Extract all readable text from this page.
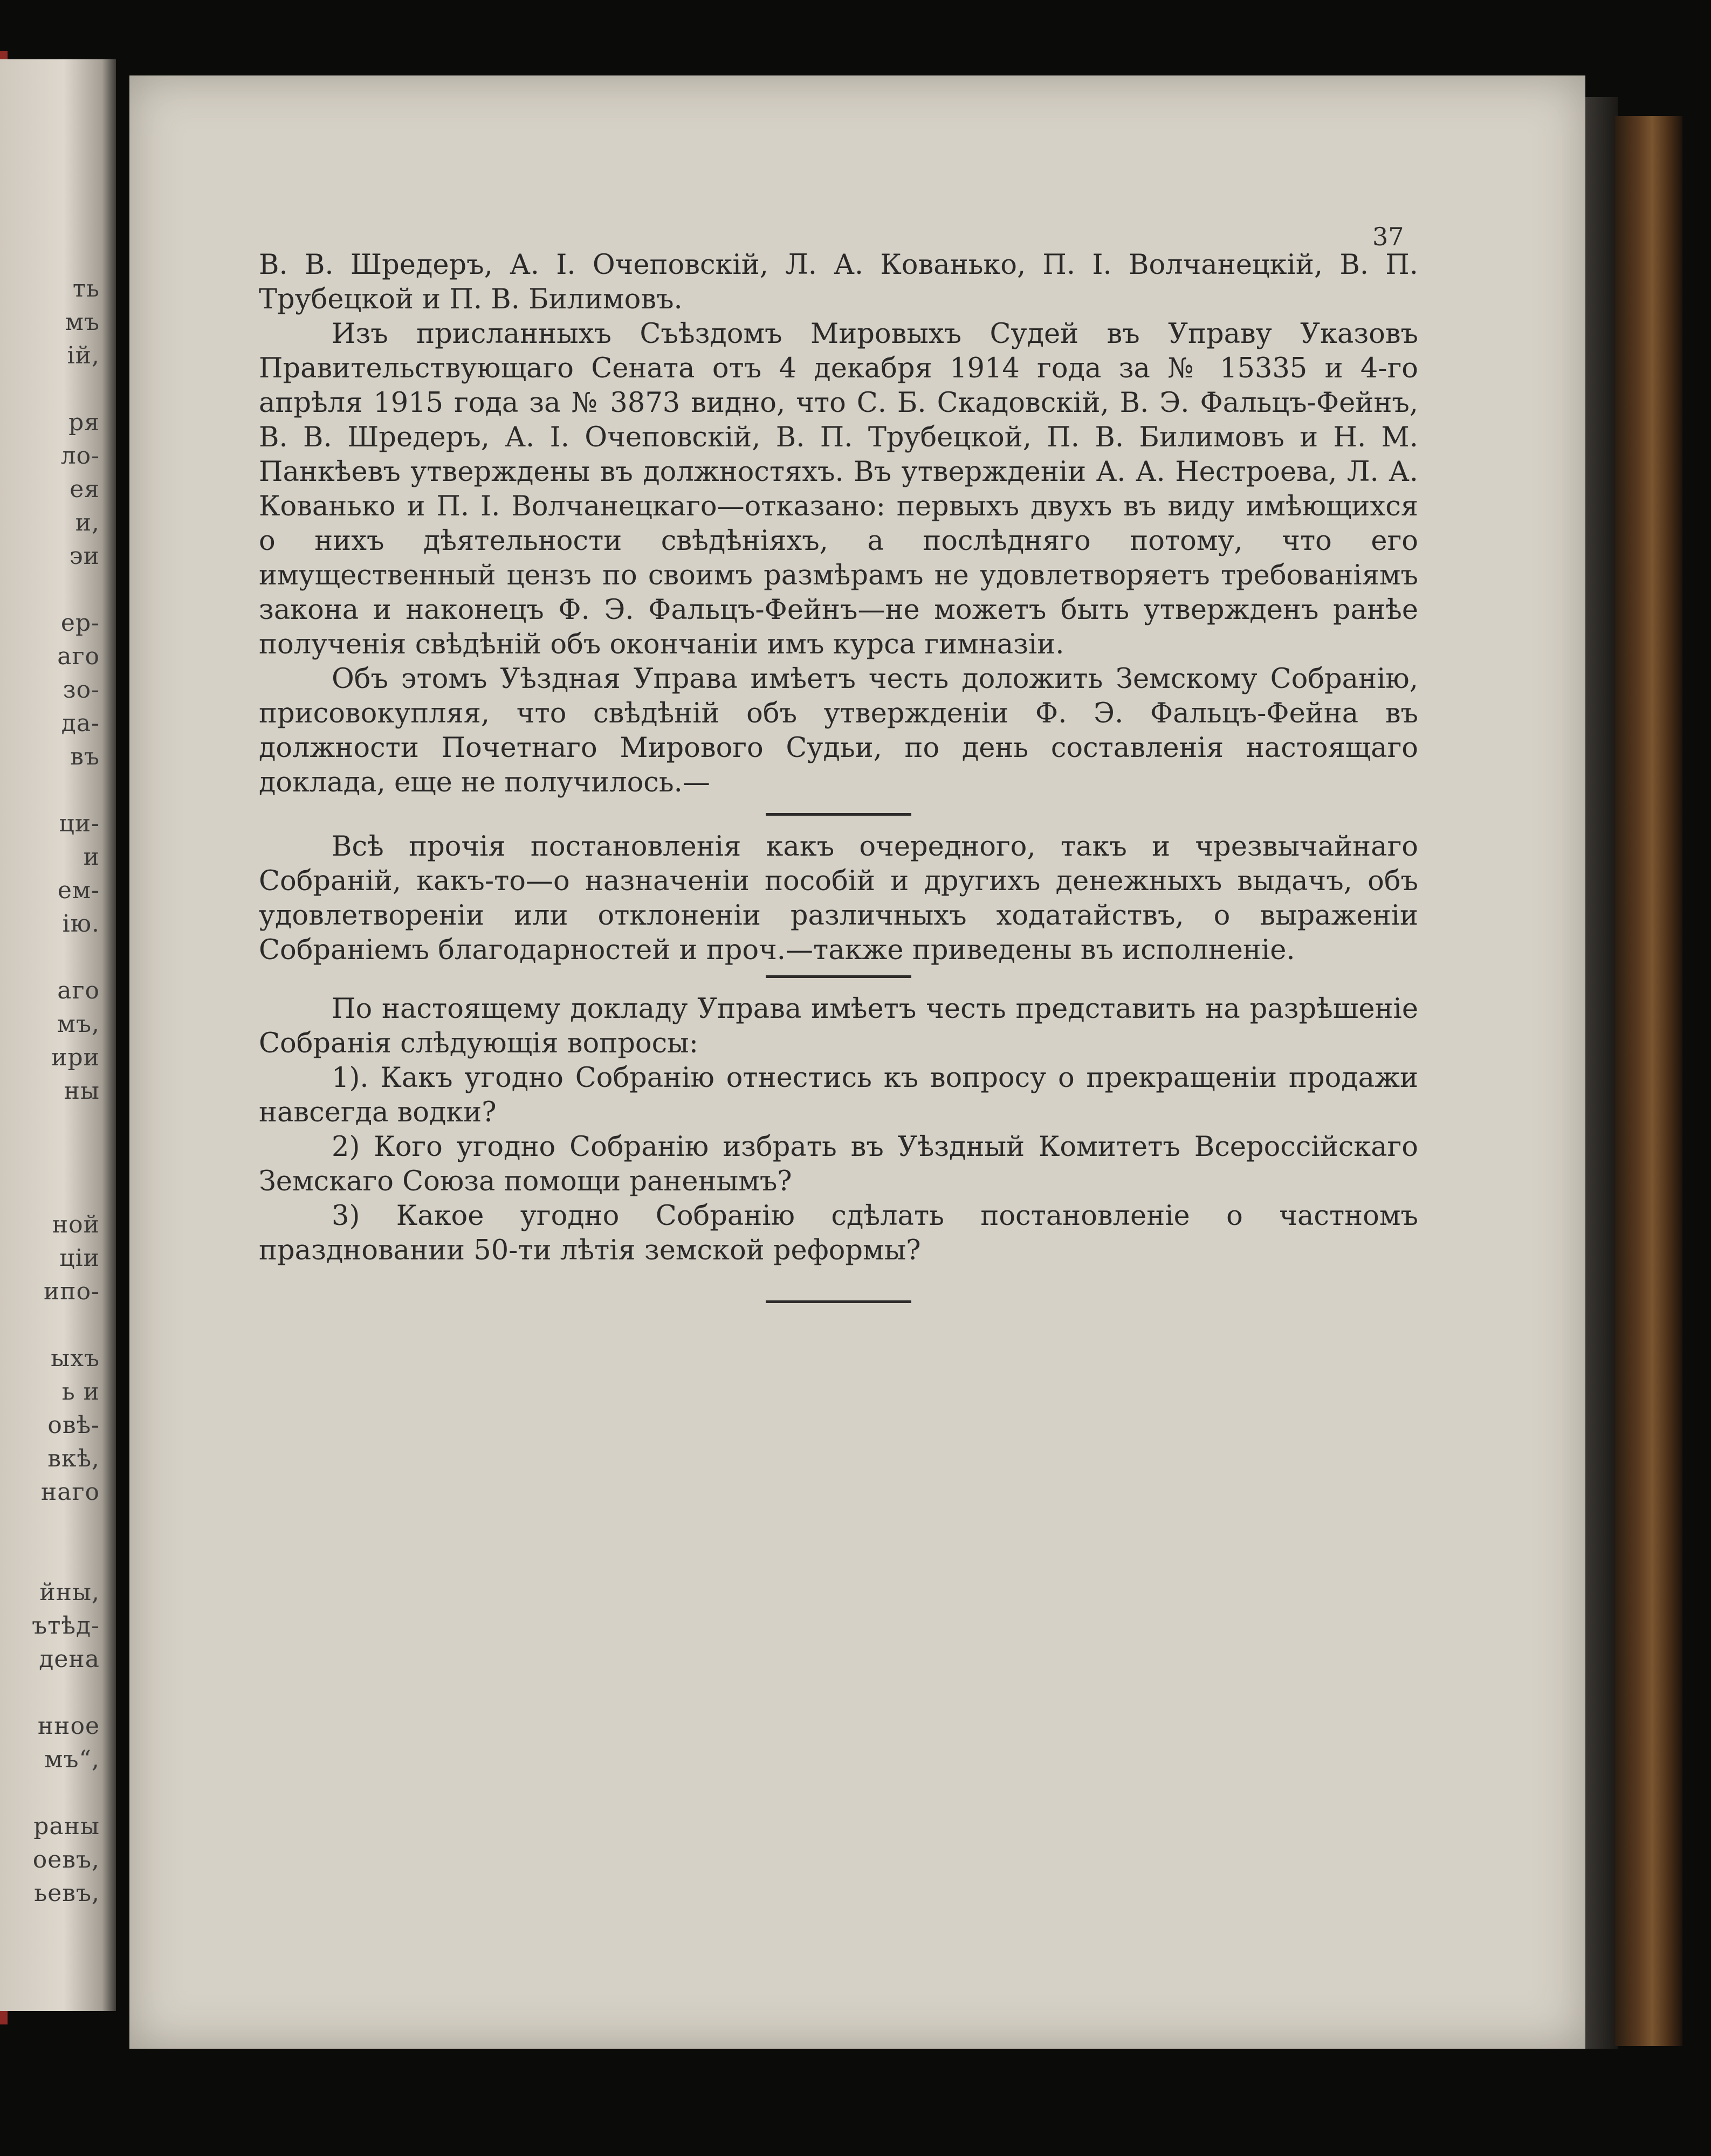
ть
мъ
ій,
ря
ло-
ея
и,
эи
ер-
аго
зо-
да-
въ
ци-
и
ем-
ію.
аго
мъ,
ири
ны
ной
ціи
ипо-
ыхъ
ь и
овѣ-
вкѣ,
наго
йны,
ътѣд-
дена
нное
мъ“,
раны
оевъ,
ьевъ,
37

В. В. Шредеръ, А. І. Очеповскій, Л. А. Кованько, П. І. Волчанецкій, В. П. Трубецкой и П. В. Билимовъ.

Изъ присланныхъ Съѣздомъ Мировыхъ Судей въ Управу Указовъ Правительствующаго Сената отъ 4 декабря 1914 года за № 15335 и 4-го апрѣля 1915 года за № 3873 видно, что С. Б. Скадовскій, В. Э. Фальцъ-Фейнъ, В. В. Шредеръ, А. І. Очеповскій, В. П. Трубецкой, П. В. Билимовъ и Н. М. Панкѣевъ утверждены въ должностяхъ. Въ утвержденіи А. А. Нестроева, Л. А. Кованько и П. І. Волчанецкаго—отказано: первыхъ двухъ въ виду имѣющихся о нихъ дѣятельности свѣдѣніяхъ, а послѣдняго потому, что его имущественный цензъ по своимъ размѣрамъ не удовлетворяетъ требованіямъ закона и наконецъ Ф. Э. Фальцъ-Фейнъ—не можетъ быть утвержденъ ранѣе полученія свѣдѣній объ окончаніи имъ курса гимназіи.

Объ этомъ Уѣздная Управа имѣетъ честь доложить Земскому Собранію, присовокупляя, что свѣдѣній объ утвержденіи Ф. Э. Фальцъ-Фейна въ должности Почетнаго Мирового Судьи, по день составленія настоящаго доклада, еще не получилось.—

Всѣ прочія постановленія какъ очередного, такъ и чрезвычайнаго Собраній, какъ-то—о назначеніи пособій и другихъ денежныхъ выдачъ, объ удовлетвореніи или отклоненіи различныхъ ходатайствъ, о выраженіи Собраніемъ благодарностей и проч.—также приведены въ исполненіе.

По настоящему докладу Управа имѣетъ честь представить на разрѣшеніе Собранія слѣдующія вопросы:

1). Какъ угодно Собранію отнестись къ вопросу о прекращеніи продажи навсегда водки?

2) Кого угодно Собранію избрать въ Уѣздный Комитетъ Всероссійскаго Земскаго Союза помощи раненымъ?

3) Какое угодно Собранію сдѣлать постановленіе о частномъ праздновании 50-ти лѣтія земской реформы?
